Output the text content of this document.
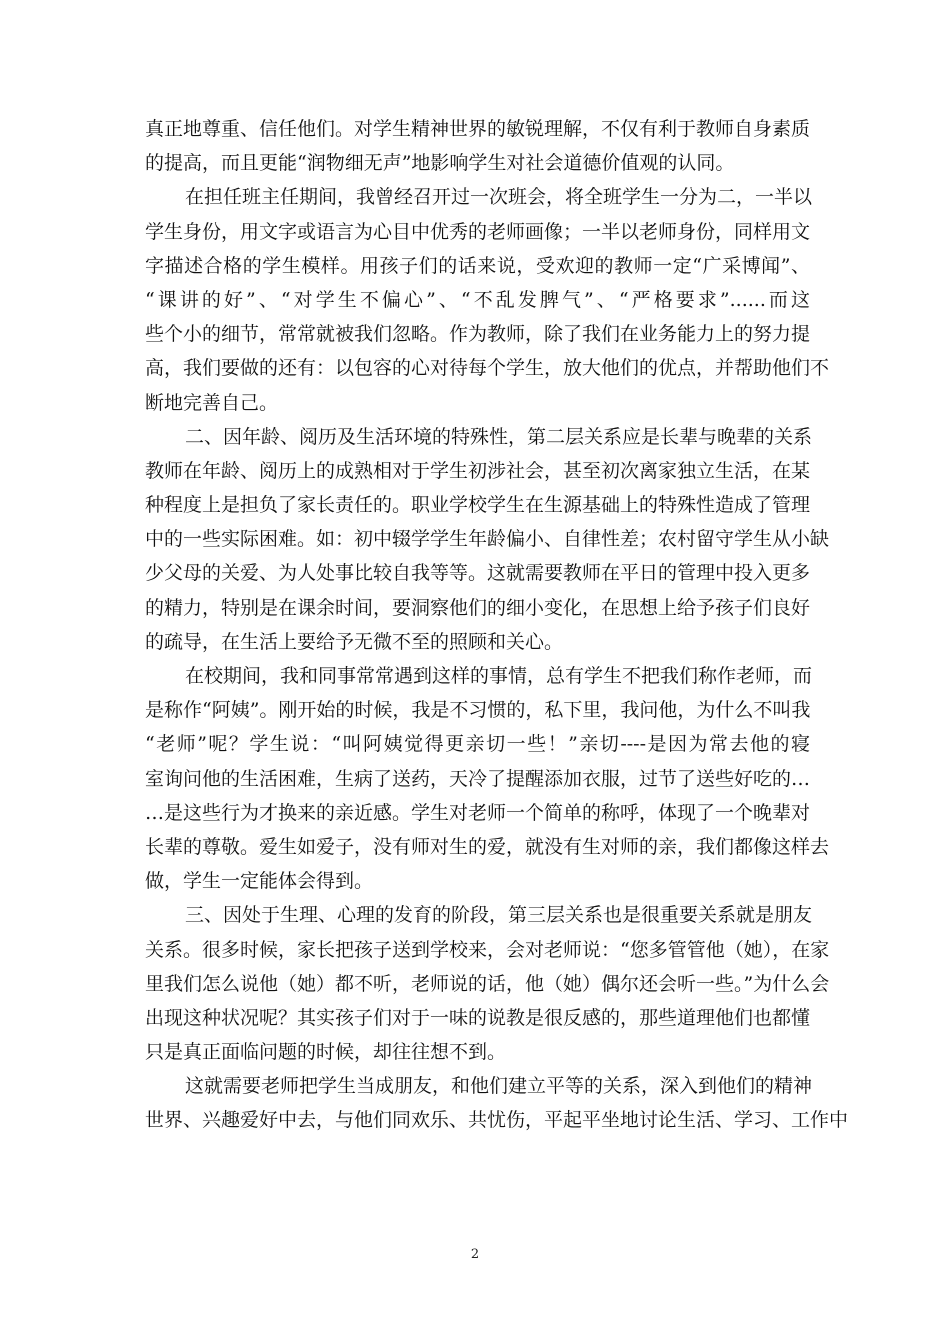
真正地尊重、信任他们。对学生精神世界的敏锐理解，不仅有利于教师自身素质
的提高，而且更能“润物细无声”地影响学生对社会道德价值观的认同。
在担任班主任期间，我曾经召开过一次班会，将全班学生一分为二，一半以
学生身份，用文字或语言为心目中优秀的老师画像；一半以老师身份，同样用文
字描述合格的学生模样。用孩子们的话来说，受欢迎的教师一定“广采博闻”、
“课讲的好”、“对学生不偏心”、“不乱发脾气”、“严格要求”......而这
些个小的细节，常常就被我们忽略。作为教师，除了我们在业务能力上的努力提
高，我们要做的还有：以包容的心对待每个学生，放大他们的优点，并帮助他们不
断地完善自己。
二、因年龄、阅历及生活环境的特殊性，第二层关系应是长辈与晚辈的关系
教师在年龄、阅历上的成熟相对于学生初涉社会，甚至初次离家独立生活，在某
种程度上是担负了家长责任的。职业学校学生在生源基础上的特殊性造成了管理
中的一些实际困难。如：初中辍学学生年龄偏小、自律性差；农村留守学生从小缺
少父母的关爱、为人处事比较自我等等。这就需要教师在平日的管理中投入更多
的精力，特别是在课余时间，要洞察他们的细小变化，在思想上给予孩子们良好
的疏导，在生活上要给予无微不至的照顾和关心。
在校期间，我和同事常常遇到这样的事情，总有学生不把我们称作老师，而
是称作“阿姨”。刚开始的时候，我是不习惯的，私下里，我问他，为什么不叫我
“老师”呢？学生说：“叫阿姨觉得更亲切一些！”亲切----是因为常去他的寝
室询问他的生活困难，生病了送药，天冷了提醒添加衣服，过节了送些好吃的…
…是这些行为才换来的亲近感。学生对老师一个简单的称呼，体现了一个晚辈对
长辈的尊敬。爱生如爱子，没有师对生的爱，就没有生对师的亲，我们都像这样去
做，学生一定能体会得到。
三、因处于生理、心理的发育的阶段，第三层关系也是很重要关系就是朋友
关系。很多时候，家长把孩子送到学校来，会对老师说：“您多管管他（她），在家
里我们怎么说他（她）都不听，老师说的话，他（她）偶尔还会听一些。”为什么会
出现这种状况呢？其实孩子们对于一味的说教是很反感的，那些道理他们也都懂
只是真正面临问题的时候，却往往想不到。
这就需要老师把学生当成朋友，和他们建立平等的关系，深入到他们的精神
世界、兴趣爱好中去，与他们同欢乐、共忧伤，平起平坐地讨论生活、学习、工作中
2
